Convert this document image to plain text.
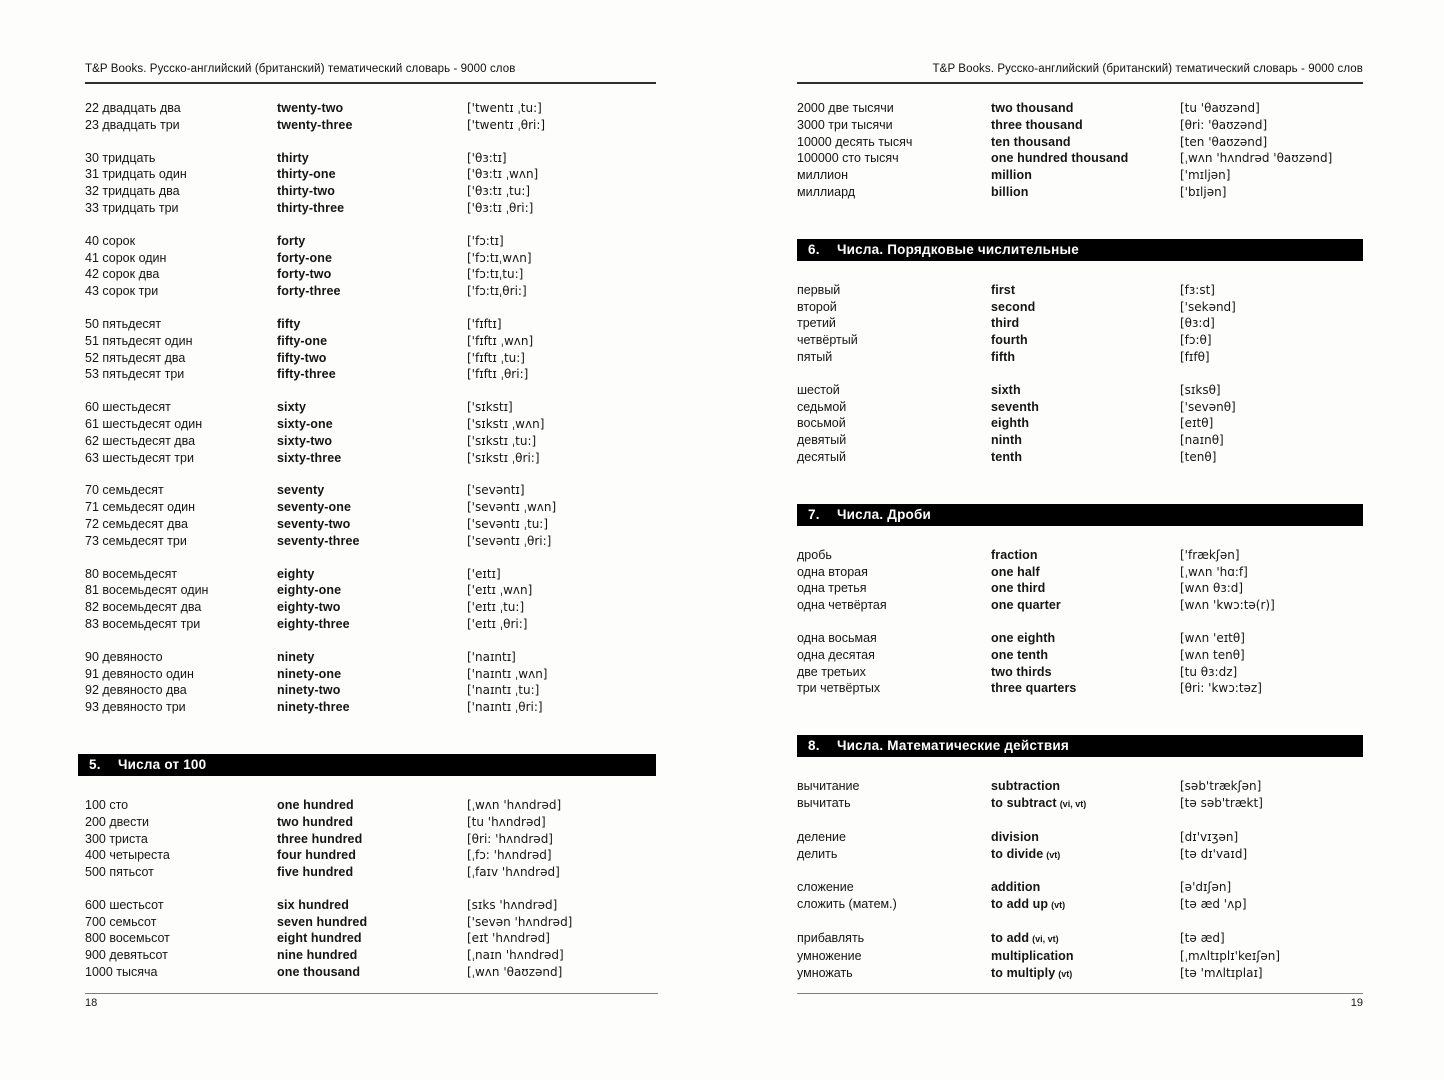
T&P Books. Русско-английский (британский) тематический словарь - 9000 слов
22 двадцать два	twenty-two	['twentɪ ˌtu:]
23 двадцать три	twenty-three	['twentɪ ˌθri:]
30 тридцать	thirty	['θɜ:tɪ]
31 тридцать один	thirty-one	['θɜ:tɪ ˌwʌn]
32 тридцать два	thirty-two	['θɜ:tɪ ˌtu:]
33 тридцать три	thirty-three	['θɜ:tɪ ˌθri:]
40 сорок	forty	['fɔ:tɪ]
41 сорок один	forty-one	['fɔ:tɪˌwʌn]
42 сорок два	forty-two	['fɔ:tɪˌtu:]
43 сорок три	forty-three	['fɔ:tɪˌθri:]
50 пятьдесят	fifty	['fɪftɪ]
51 пятьдесят один	fifty-one	['fɪftɪ ˌwʌn]
52 пятьдесят два	fifty-two	['fɪftɪ ˌtu:]
53 пятьдесят три	fifty-three	['fɪftɪ ˌθri:]
60 шестьдесят	sixty	['sɪkstɪ]
61 шестьдесят один	sixty-one	['sɪkstɪ ˌwʌn]
62 шестьдесят два	sixty-two	['sɪkstɪ ˌtu:]
63 шестьдесят три	sixty-three	['sɪkstɪ ˌθri:]
70 семьдесят	seventy	['sevəntɪ]
71 семьдесят один	seventy-one	['sevəntɪ ˌwʌn]
72 семьдесят два	seventy-two	['sevəntɪ ˌtu:]
73 семьдесят три	seventy-three	['sevəntɪ ˌθri:]
80 восемьдесят	eighty	['eɪtɪ]
81 восемьдесят один	eighty-one	['eɪtɪ ˌwʌn]
82 восемьдесят два	eighty-two	['eɪtɪ ˌtu:]
83 восемьдесят три	eighty-three	['eɪtɪ ˌθri:]
90 девяносто	ninety	['naɪntɪ]
91 девяносто один	ninety-one	['naɪntɪ ˌwʌn]
92 девяносто два	ninety-two	['naɪntɪ ˌtu:]
93 девяносто три	ninety-three	['naɪntɪ ˌθri:]
5. Числа от 100
100 сто	one hundred	[ˌwʌn 'hʌndrəd]
200 двести	two hundred	[tu 'hʌndrəd]
300 триста	three hundred	[θri: 'hʌndrəd]
400 четыреста	four hundred	[ˌfɔ: 'hʌndrəd]
500 пятьсот	five hundred	[ˌfaɪv 'hʌndrəd]
600 шестьсот	six hundred	[sɪks 'hʌndrəd]
700 семьсот	seven hundred	['sevən 'hʌndrəd]
800 восемьсот	eight hundred	[eɪt 'hʌndrəd]
900 девятьсот	nine hundred	[ˌnaɪn 'hʌndrəd]
1000 тысяча	one thousand	[ˌwʌn 'θaʊzənd]
T&P Books. Русско-английский (британский) тематический словарь - 9000 слов
2000 две тысячи	two thousand	[tu 'θaʊzənd]
3000 три тысячи	three thousand	[θri: 'θaʊzənd]
10000 десять тысяч	ten thousand	[ten 'θaʊzənd]
100000 сто тысяч	one hundred thousand	[ˌwʌn 'hʌndrəd 'θaʊzənd]
миллион	million	['mɪljən]
миллиард	billion	['bɪljən]
6. Числа. Порядковые числительные
первый	first	[fɜ:st]
второй	second	['sekənd]
третий	third	[θɜ:d]
четвёртый	fourth	[fɔ:θ]
пятый	fifth	[fɪfθ]
шестой	sixth	[sɪksθ]
седьмой	seventh	['sevənθ]
восьмой	eighth	[eɪtθ]
девятый	ninth	[naɪnθ]
десятый	tenth	[tenθ]
7. Числа. Дроби
дробь	fraction	['frækʃən]
одна вторая	one half	[ˌwʌn 'hɑ:f]
одна третья	one third	[wʌn θɜ:d]
одна четвёртая	one quarter	[wʌn 'kwɔ:tə(r)]
одна восьмая	one eighth	[wʌn 'eɪtθ]
одна десятая	one tenth	[wʌn tenθ]
две третьих	two thirds	[tu θɜ:dz]
три четвёртых	three quarters	[θri: 'kwɔ:təz]
8. Числа. Математические действия
вычитание	subtraction	[səb'trækʃən]
вычитать	to subtract (vi, vt)	[tə səb'trækt]
деление	division	[dɪ'vɪʒən]
делить	to divide (vt)	[tə dɪ'vaɪd]
сложение	addition	[ə'dɪʃən]
сложить (матем.)	to add up (vt)	[tə æd 'ʌp]
прибавлять	to add (vi, vt)	[tə æd]
умножение	multiplication	[ˌmʌltɪplɪ'keɪʃən]
умножать	to multiply (vt)	[tə 'mʌltɪplaɪ]
18	19
